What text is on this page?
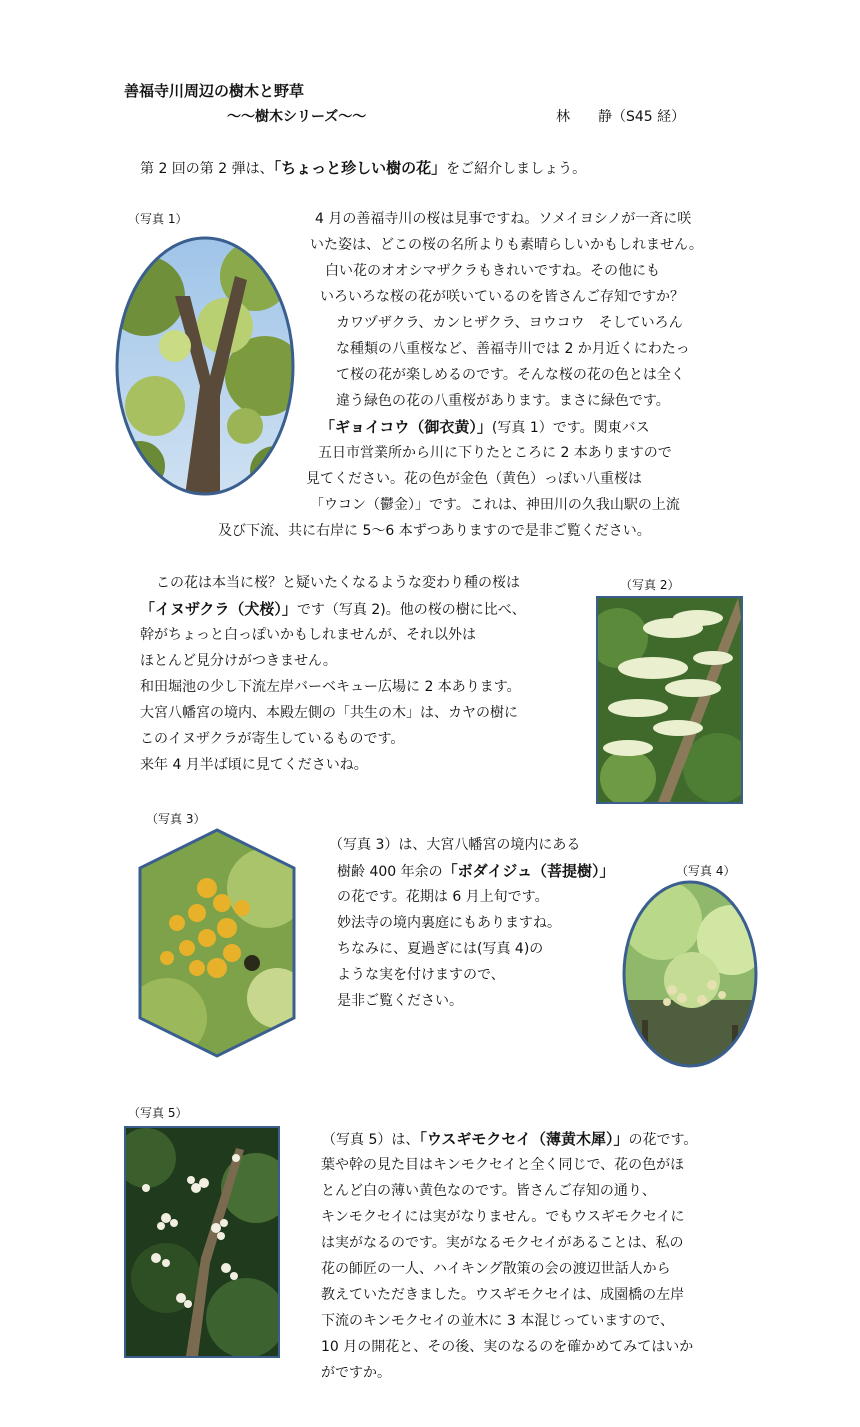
善福寺川周辺の樹木と野草
～～樹木シリーズ～～	林　　静（S45 経）
第 2 回の第 2 弾は、「ちょっと珍しい樹の花」をご紹介しましょう。
（写真 1）	4 月の善福寺川の桜は見事ですね。ソメイヨシノが一斉に咲
いた姿は、どこの桜の名所よりも素晴らしいかもしれません。
白い花のオオシマザクラもきれいですね。その他にも
いろいろな桜の花が咲いているのを皆さんご存知ですか？
カワヅザクラ、カンヒザクラ、ヨウコウ　そしていろん
な種類の八重桜など、善福寺川では 2 か月近くにわたっ
て桜の花が楽しめるのです。そんな桜の花の色とは全く
違う緑色の花の八重桜があります。まさに緑色です。
「ギョイコウ（御衣黄）」(写真 1）です。関東バス
五日市営業所から川に下りたところに 2 本ありますので
見てください。花の色が金色（黄色）っぽい八重桜は
「ウコン（鬱金）」です。これは、神田川の久我山駅の上流
及び下流、共に右岸に 5～6 本ずつありますので是非ご覧ください。
この花は本当に桜？と疑いたくなるような変わり種の桜は
「イヌザクラ（犬桜）」です（写真 2)。他の桜の樹に比べ、
幹がちょっと白っぽいかもしれませんが、それ以外は
ほとんど見分けがつきません。
和田堀池の少し下流左岸バーベキュー広場に 2 本あります。
大宮八幡宮の境内、本殿左側の「共生の木」は、カヤの樹に
このイヌザクラが寄生しているものです。
来年 4 月半ば頃に見てくださいね。
（写真 2）
（写真 3）
（写真 3）は、大宮八幡宮の境内にある
樹齢 400 年余の「ボダイジュ（菩提樹）」
の花です。花期は 6 月上旬です。
妙法寺の境内裏庭にもありますね。
ちなみに、夏過ぎには(写真 4)の
ような実を付けますので、
是非ご覧ください。
（写真 4）
（写真 5）
（写真 5）は、「ウスギモクセイ（薄黄木犀）」の花です。
葉や幹の見た目はキンモクセイと全く同じで、花の色がほ
とんど白の薄い黄色なのです。皆さんご存知の通り、
キンモクセイには実がなりません。でもウスギモクセイに
は実がなるのです。実がなるモクセイがあることは、私の
花の師匠の一人、ハイキング散策の会の渡辺世話人から
教えていただきました。ウスギモクセイは、成園橋の左岸
下流のキンモクセイの並木に 3 本混じっていますので、
10 月の開花と、その後、実のなるのを確かめてみてはいか
がですか。
